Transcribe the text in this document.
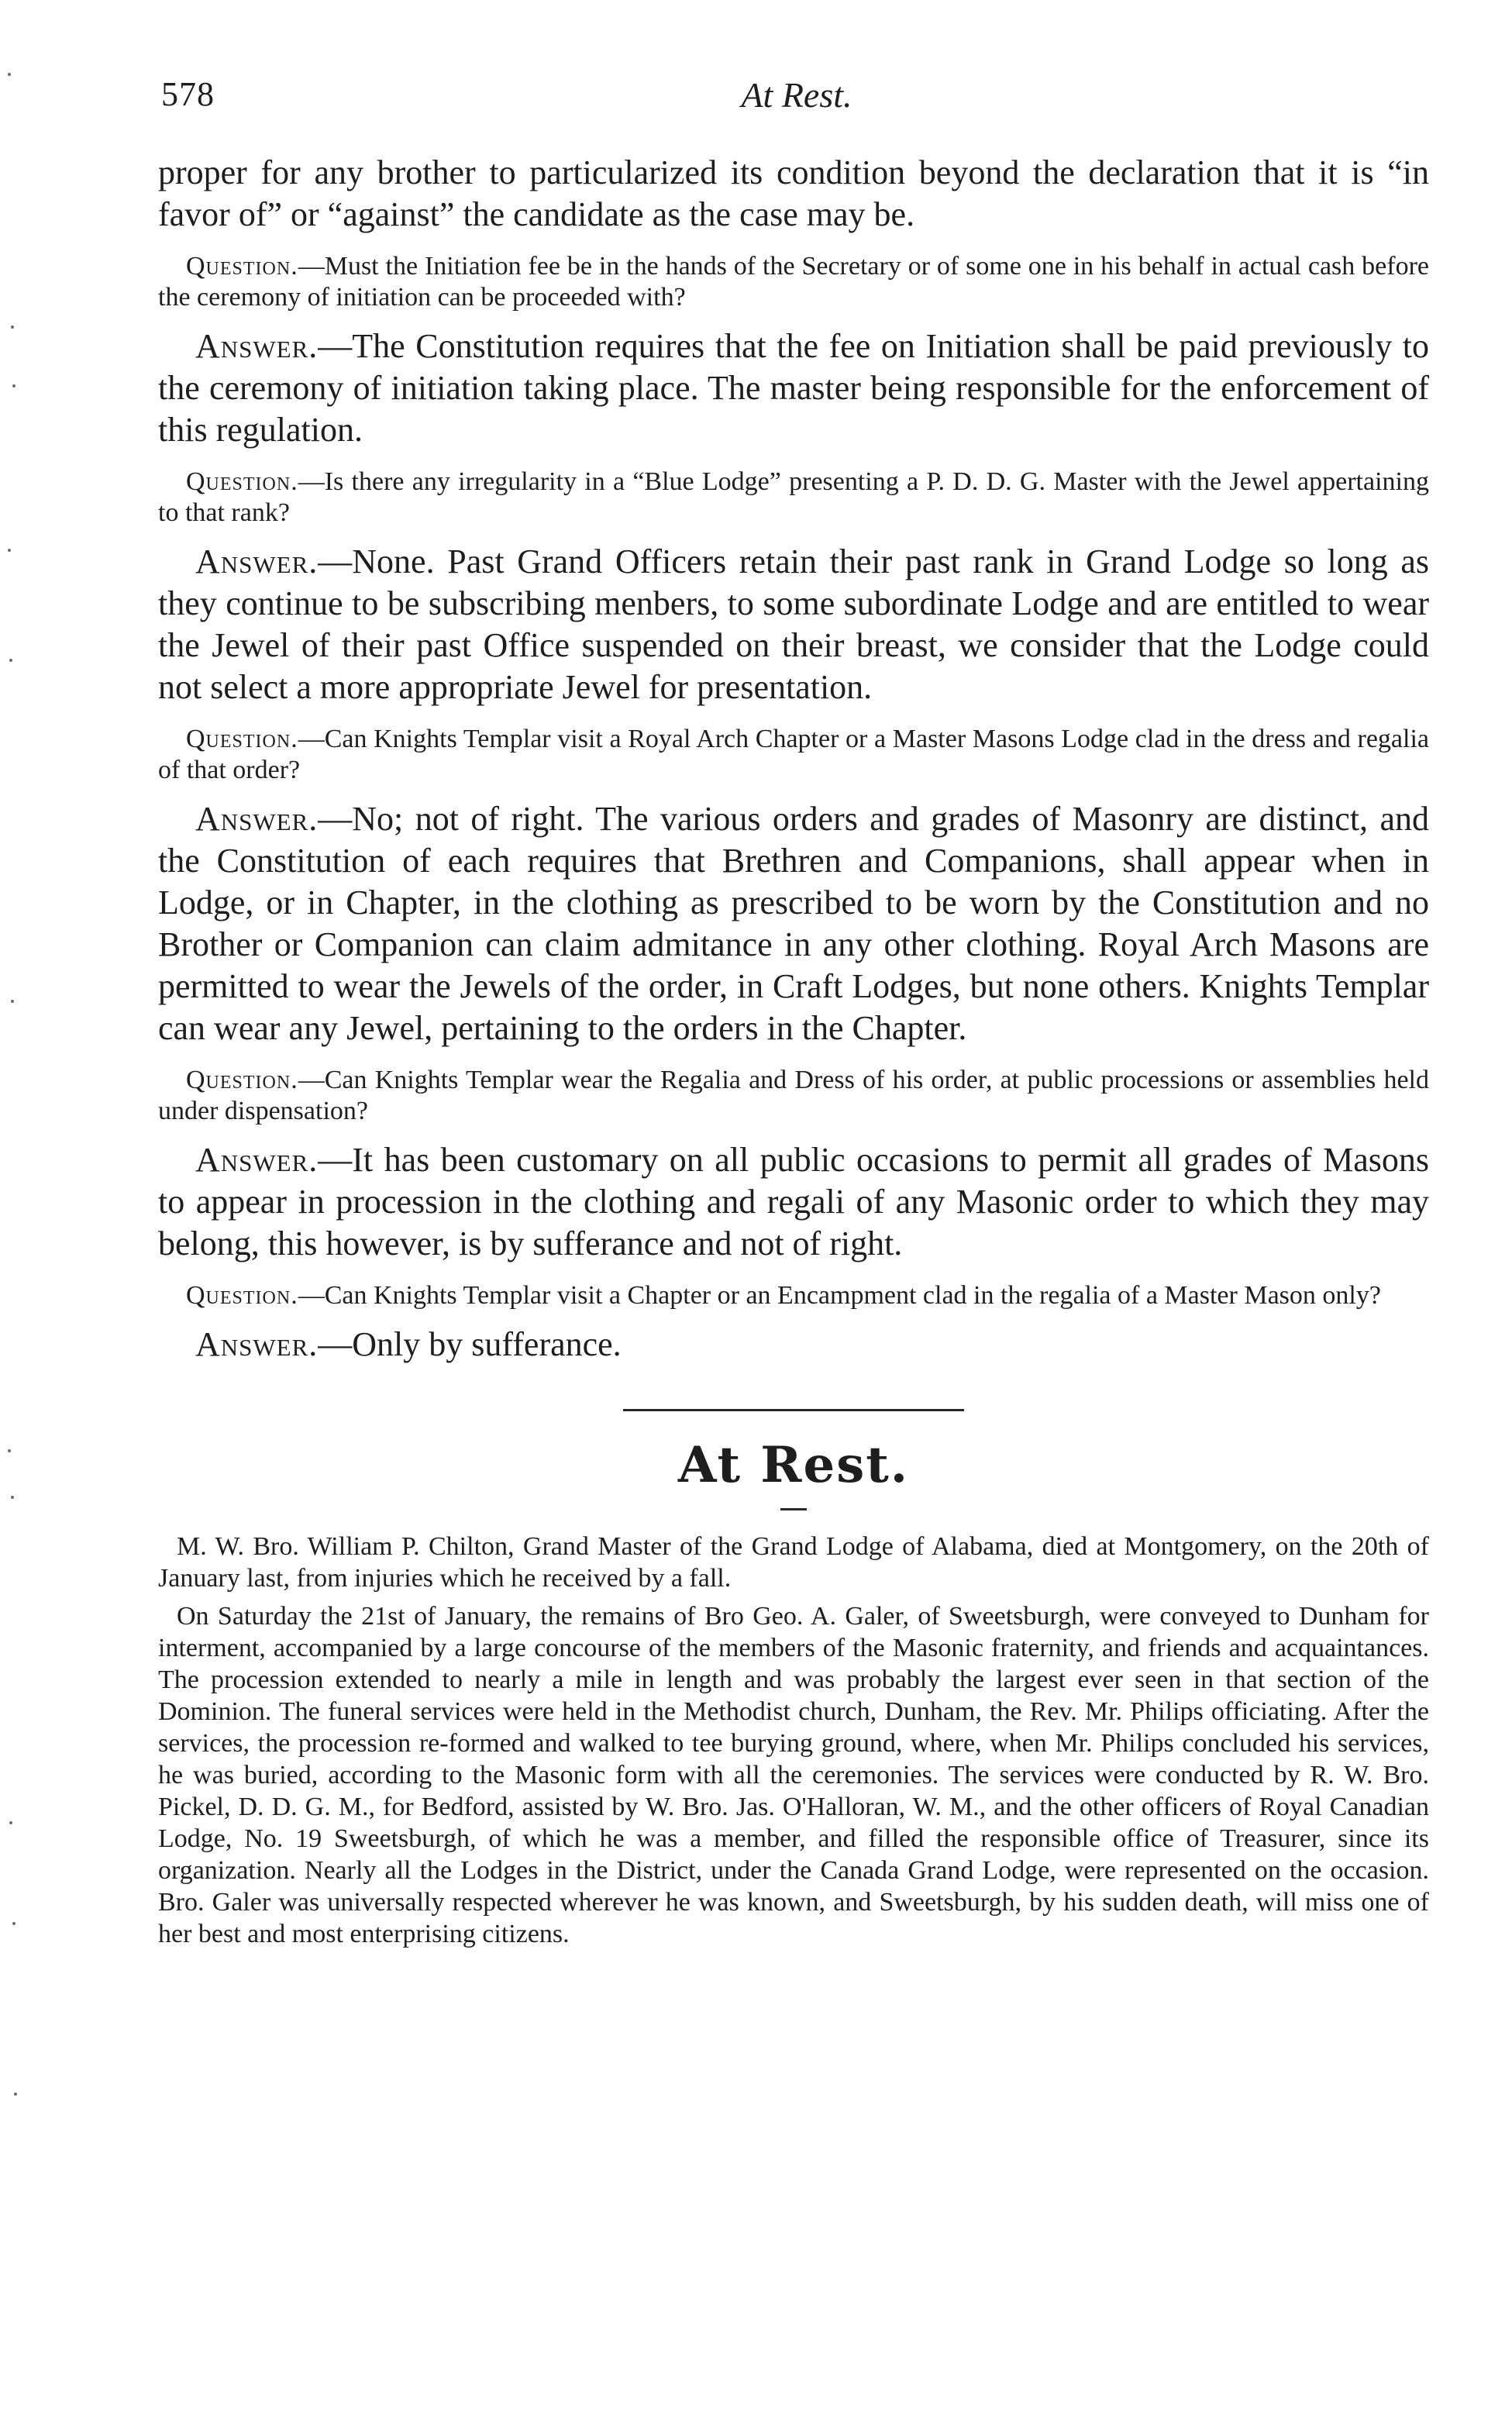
578	At Rest.

proper for any brother to particularized its condition beyond the declaration that it is “in favor of” or “against” the candidate as the case may be.

Question.—Must the Initiation fee be in the hands of the Secretary or of some one in his behalf in actual cash before the ceremony of initiation can be proceeded with?

Answer.—The Constitution requires that the fee on Initiation shall be paid previously to the ceremony of initiation taking place. The master being responsible for the enforcement of this regulation.

Question.—Is there any irregularity in a “Blue Lodge” presenting a P. D. D. G. Master with the Jewel appertaining to that rank?

Answer.—None. Past Grand Officers retain their past rank in Grand Lodge so long as they continue to be subscribing menbers, to some subordinate Lodge and are entitled to wear the Jewel of their past Office suspended on their breast, we consider that the Lodge could not select a more appropriate Jewel for presentation.

Question.—Can Knights Templar visit a Royal Arch Chapter or a Master Masons Lodge clad in the dress and regalia of that order?

Answer.—No; not of right. The various orders and grades of Masonry are distinct, and the Constitution of each requires that Brethren and Companions, shall appear when in Lodge, or in Chapter, in the clothing as prescribed to be worn by the Constitution and no Brother or Companion can claim admitance in any other clothing. Royal Arch Masons are permitted to wear the Jewels of the order, in Craft Lodges, but none others. Knights Templar can wear any Jewel, pertaining to the orders in the Chapter.

Question.—Can Knights Templar wear the Regalia and Dress of his order, at public processions or assemblies held under dispensation?

Answer.—It has been customary on all public occasions to permit all grades of Masons to appear in procession in the clothing and regali of any Masonic order to which they may belong, this however, is by sufferance and not of right.

Question.—Can Knights Templar visit a Chapter or an Encampment clad in the regalia of a Master Mason only?

Answer.—Only by sufferance.

At Rest.

M. W. Bro. William P. Chilton, Grand Master of the Grand Lodge of Alabama, died at Montgomery, on the 20th of January last, from injuries which he received by a fall.

On Saturday the 21st of January, the remains of Bro Geo. A. Galer, of Sweetsburgh, were conveyed to Dunham for interment, accompanied by a large concourse of the members of the Masonic fraternity, and friends and acquaintances. The procession extended to nearly a mile in length and was probably the largest ever seen in that section of the Dominion. The funeral services were held in the Methodist church, Dunham, the Rev. Mr. Philips officiating. After the services, the procession re-formed and walked to tee burying ground, where, when Mr. Philips concluded his services, he was buried, according to the Masonic form with all the ceremonies. The services were conducted by R. W. Bro. Pickel, D. D. G. M., for Bedford, assisted by W. Bro. Jas. O'Halloran, W. M., and the other officers of Royal Canadian Lodge, No. 19 Sweetsburgh, of which he was a member, and filled the responsible office of Treasurer, since its organization. Nearly all the Lodges in the District, under the Canada Grand Lodge, were represented on the occasion. Bro. Galer was universally respected wherever he was known, and Sweetsburgh, by his sudden death, will miss one of her best and most enterprising citizens.
